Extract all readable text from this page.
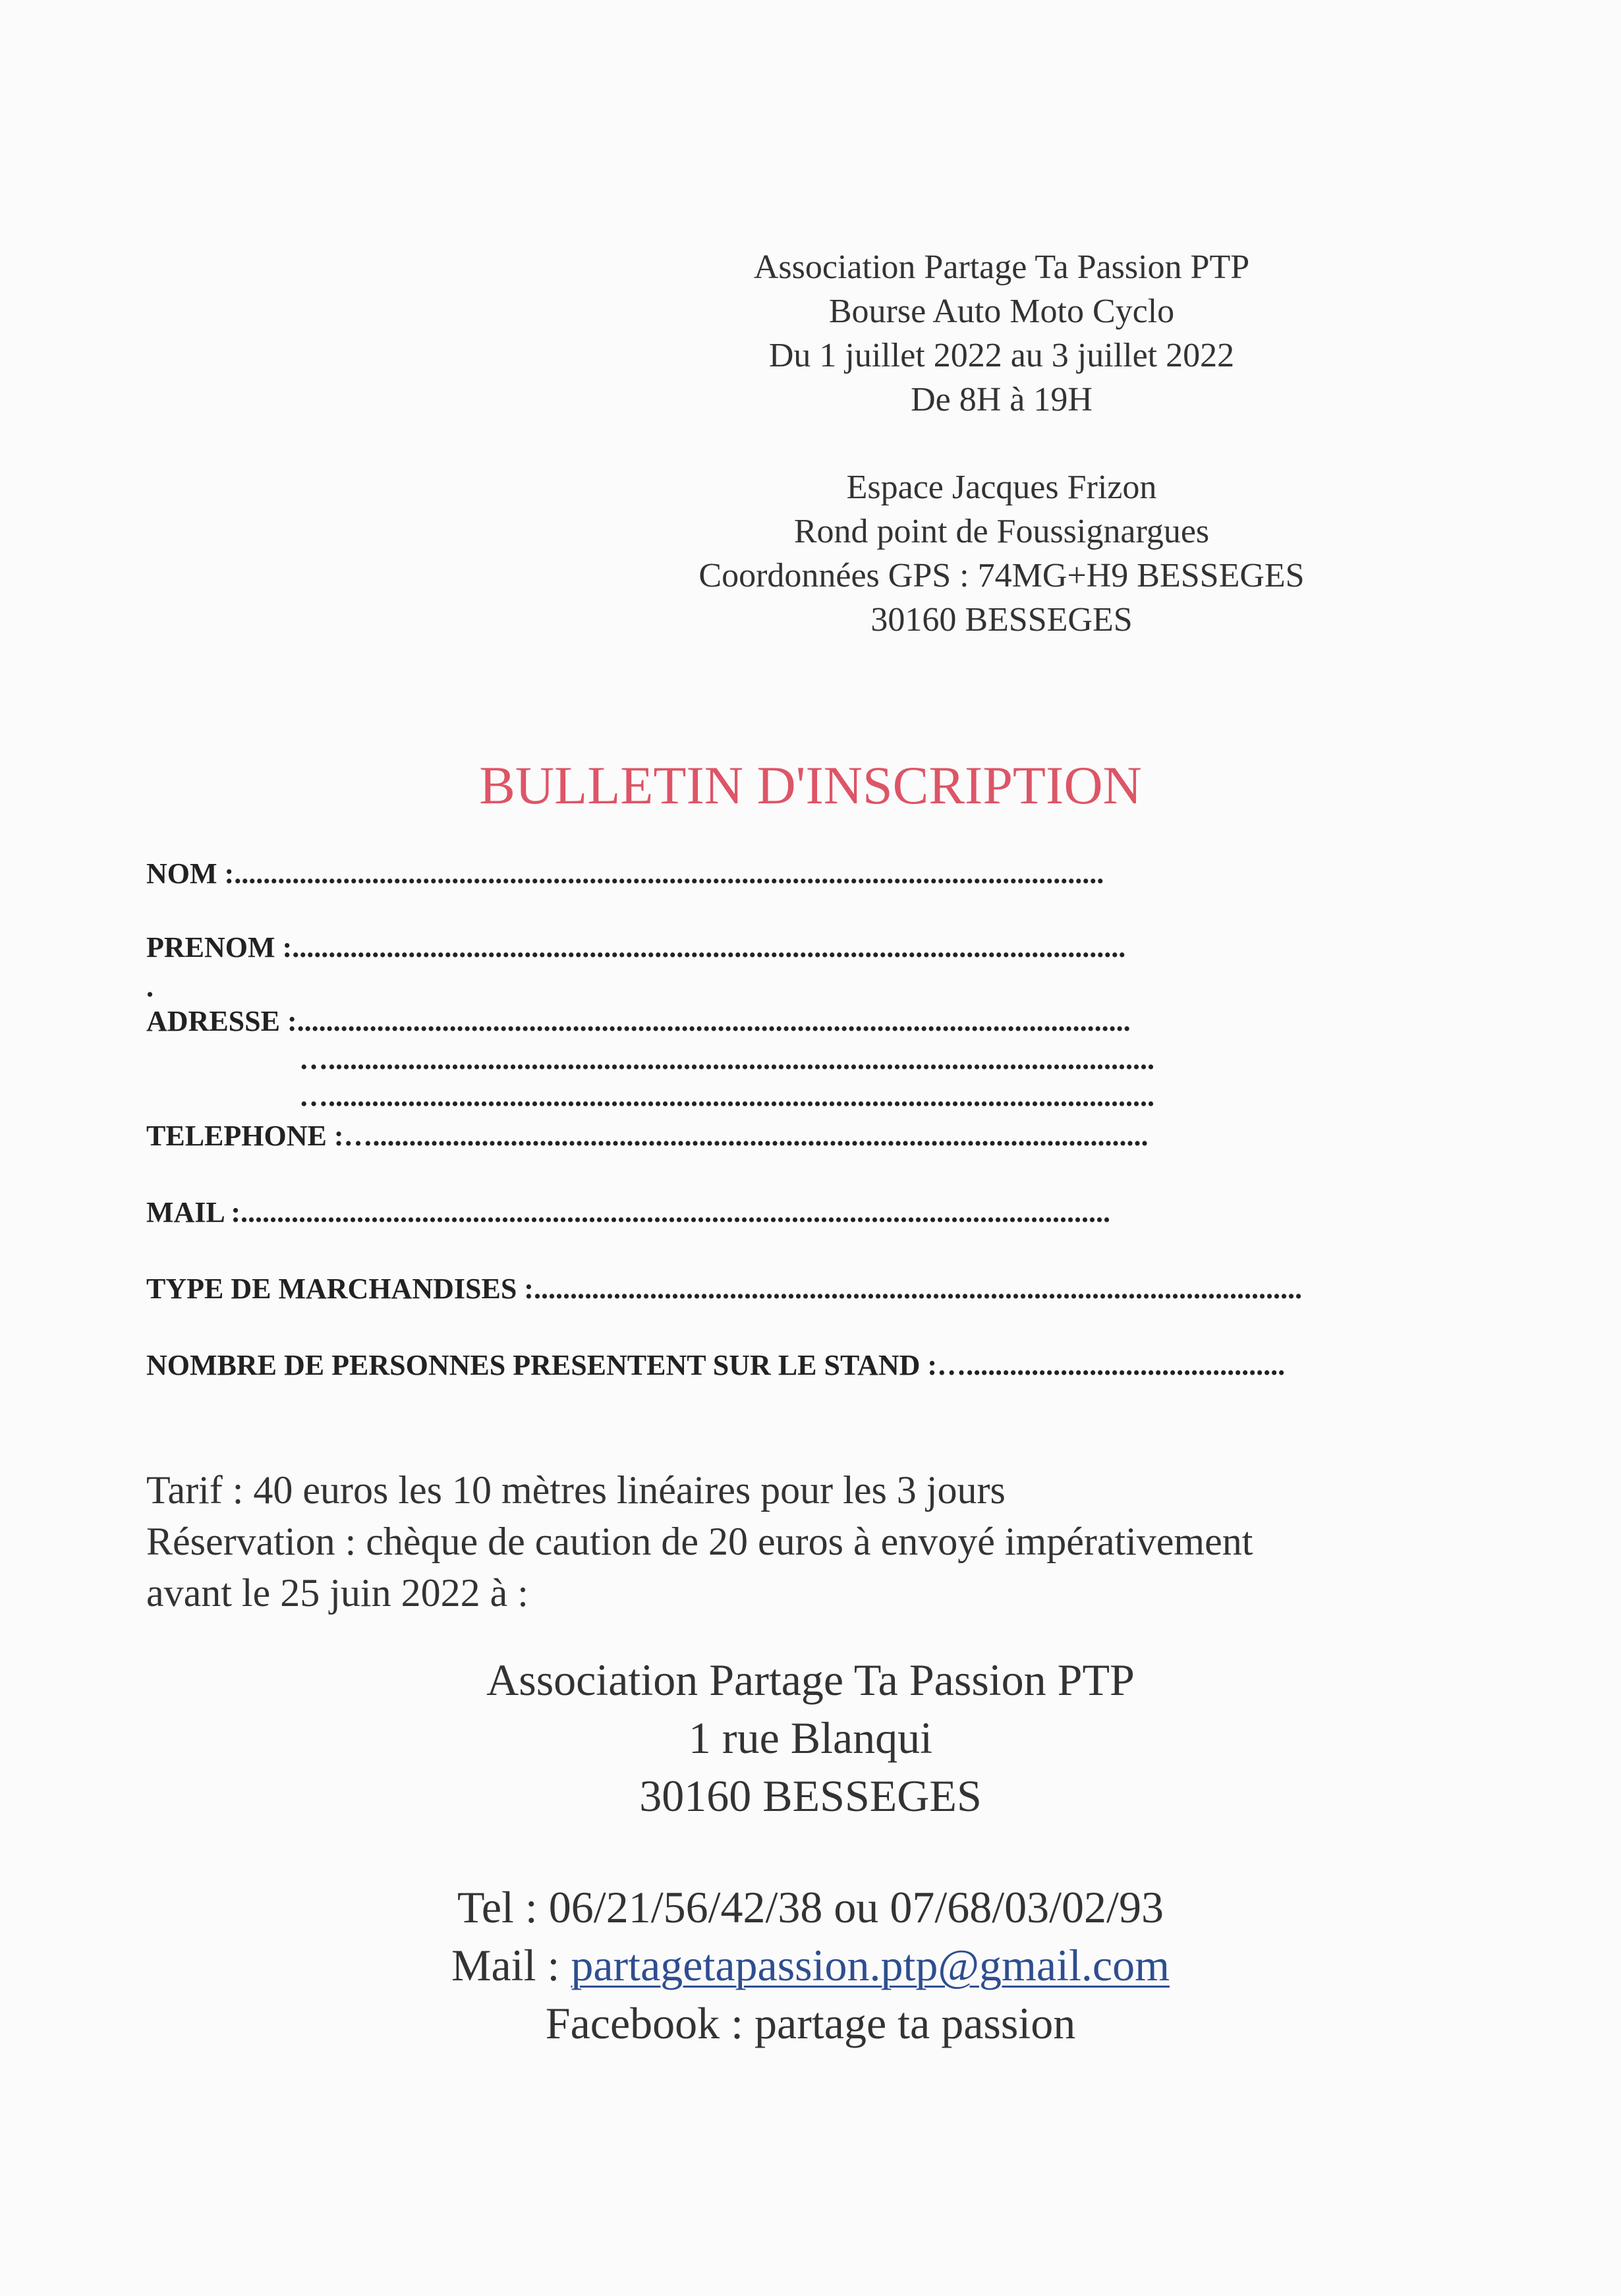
Association Partage Ta Passion PTP
Bourse Auto Moto Cyclo
Du 1 juillet 2022 au 3 juillet 2022
De 8H à 19H
Espace Jacques Frizon
Rond point de Foussignargues
Coordonnées GPS : 74MG+H9 BESSEGES
30160 BESSEGES
BULLETIN D'INSCRIPTION
NOM :........................................................................................................................
PRENOM :...................................................................................................................
ADRESSE :...................................................................................................................
…..................................................................................................................
…..................................................................................................................
TELEPHONE :…...........................................................................................................
MAIL :........................................................................................................................
TYPE DE MARCHANDISES :..........................................................................................................
NOMBRE DE PERSONNES PRESENTENT SUR LE STAND :…............................................
.
Tarif : 40 euros les 10 mètres linéaires pour les 3 jours
Réservation : chèque de caution de 20 euros à envoyé impérativement
avant le 25 juin 2022 à :
Association Partage Ta Passion PTP
1 rue Blanqui
30160 BESSEGES
Tel : 06/21/56/42/38 ou 07/68/03/02/93
Mail : partagetapassion.ptp@gmail.com
Facebook : partage ta passion
